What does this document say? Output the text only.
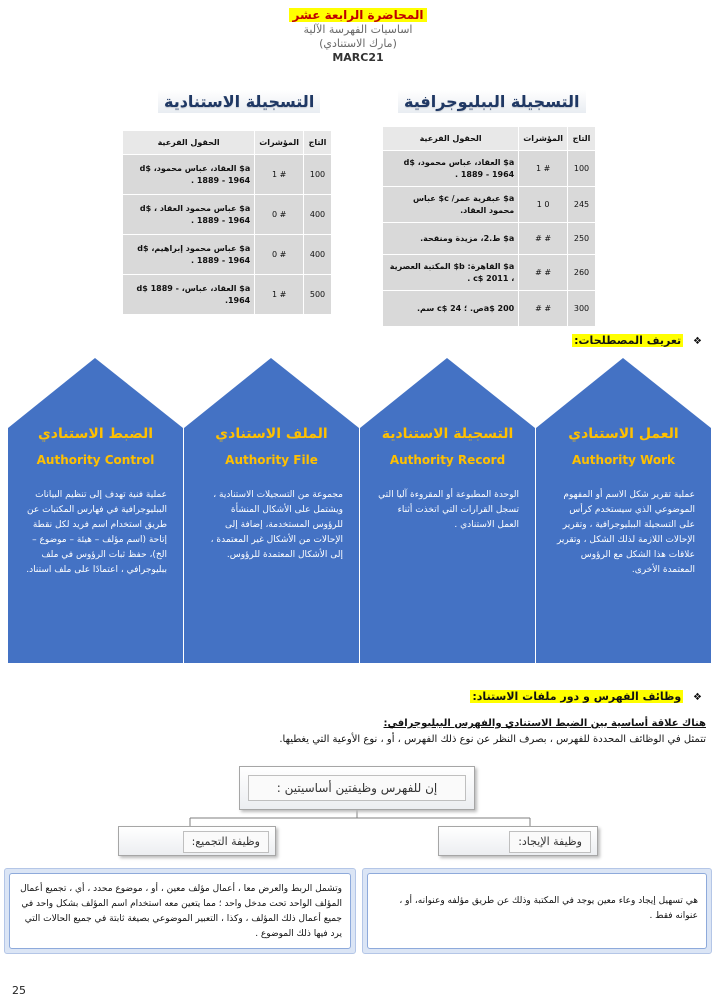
المحاضرة الرابعة عشر
اساسيات الفهرسة الآلية
(مارك الاستنادي)
MARC21
التسجيلة الاستنادية	التسجيلة الببليوجرافية
التاج	المؤشرات	الحقول الفرعية
100	# 1	a$ العقاد، عباس محمود، d$ 1889 - 1964 .
400	# 0	a$ عباس محمود العقاد ، d$ 1889 - 1964 .
400	# 0	a$ عباس محمود إبراهيم، d$ 1889 - 1964 .
500	# 1	a$ العقاد، عباس، d$ 1889 - 1964.
التاج	المؤشرات	الحقول الفرعية
100	# 1	a$ العقاد، عباس محمود، d$ 1889 - 1964 .
245	0 1	a$ عبقرية عمر/ c$ عباس محمود العقاد.
250	# #	a$ ط.2، مزيدة ومنقحة.
260	# #	a$ القاهرة: b$ المكتبة العصرية ، c$ 2011 .
300	# #	a$ 200ص. ؛ c$ 24 سم.
❖ تعريف المصطلحات:
الضبط الاستنادي
Authority Control
عملية فنية تهدف إلى تنظيم البيانات الببليوجرافية في فهارس المكتبات عن طريق استخدام اسم فريد لكل نقطة إتاحة (اسم مؤلف – هيئة – موضوع – الخ)، حفظ ثبات الرؤوس في ملف ببليوجرافي ، اعتمادًا على ملف استناد.
الملف الاستنادي
Authority File
مجموعة من التسجيلات الاستنادية ، ويشتمل على الأشكال المنشأة للرؤوس المستخدمة، إضافة إلى الإحالات من الأشكال غير المعتمدة ، إلى الأشكال المعتمدة للرؤوس.
التسجيلة الاستنادية
Authority Record
الوحدة المطبوعة أو المقروءة آليا التي تسجل القرارات التي اتخذت أثناء العمل الاستنادي .
العمل الاستنادي
Authority Work
عملية تقرير شكل الاسم أو المفهوم الموضوعي الذي سيستخدم كرأس على التسجيلة الببليوجرافية ، وتقرير الإحالات اللازمة لذلك الشكل ، وتقرير علاقات هذا الشكل مع الرؤوس المعتمدة الأخرى.
❖ وظائف الفهرس و دور ملفات الاستناد:
هناك علاقة أساسية بين الضبط الاستنادي والفهرس الببليوجرافي:
تتمثل في الوظائف المحددة للفهرس ، بصرف النظر عن نوع ذلك الفهرس ، أو ، نوع الأوعية التي يغطيها.
إن للفهرس وظيفتين أساسيتين :
وظيفة التجميع:	وظيفة الإيجاد:
وتشمل الربط والعرض معا ، أعمال مؤلف معين ، أو ، موضوع محدد ، أي ، تجميع أعمال المؤلف الواحد تحت مدخل واحد ؛ مما يتعين معه استخدام اسم المؤلف بشكل واحد في جميع أعمال ذلك المؤلف ، وكذا ، التعبير الموضوعي بصيغة ثابتة في جميع الحالات التي يرد فيها ذلك الموضوع .
هي تسهيل إيجاد وعاء معين يوجد في المكتبة وذلك عن طريق مؤلفه وعنوانه، أو ، عنوانه فقط .
25
